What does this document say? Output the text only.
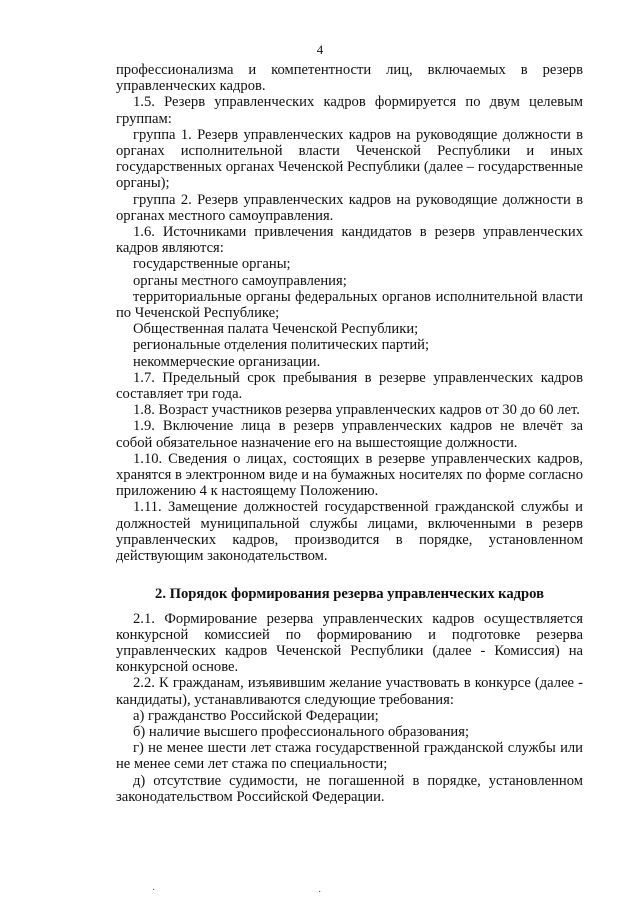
4

профессионализма и компетентности лиц, включаемых в резерв управленческих кадров.

1.5. Резерв управленческих кадров формируется по двум целевым группам:

группа 1. Резерв управленческих кадров на руководящие должности в органах исполнительной власти Чеченской Республики и иных государственных органах Чеченской Республики (далее – государственные органы);

группа 2. Резерв управленческих кадров на руководящие должности в органах местного самоуправления.

1.6. Источниками привлечения кандидатов в резерв управленческих кадров являются:

государственные органы;

органы местного самоуправления;

территориальные органы федеральных органов исполнительной власти по Чеченской Республике;

Общественная палата Чеченской Республики;

региональные отделения политических партий;

некоммерческие организации.

1.7. Предельный срок пребывания в резерве управленческих кадров составляет три года.

1.8. Возраст участников резерва управленческих кадров от 30 до 60 лет.

1.9. Включение лица в резерв управленческих кадров не влечёт за собой обязательное назначение его на вышестоящие должности.

1.10. Сведения о лицах, состоящих в резерве управленческих кадров, хранятся в электронном виде и на бумажных носителях по форме согласно приложению 4 к настоящему Положению.

1.11. Замещение должностей государственной гражданской службы и должностей муниципальной службы лицами, включенными в резерв управленческих кадров, производится в порядке, установленном действующим законодательством.

2. Порядок формирования резерва управленческих кадров

2.1. Формирование резерва управленческих кадров осуществляется конкурсной комиссией по формированию и подготовке резерва управленческих кадров Чеченской Республики (далее - Комиссия) на конкурсной основе.

2.2. К гражданам, изъявившим желание участвовать в конкурсе (далее - кандидаты), устанавливаются следующие требования:

а) гражданство Российской Федерации;

б) наличие высшего профессионального образования;

г) не менее шести лет стажа государственной гражданской службы или не менее семи лет стажа по специальности;

д) отсутствие судимости, не погашенной в порядке, установленном законодательством Российской Федерации.

·	·
